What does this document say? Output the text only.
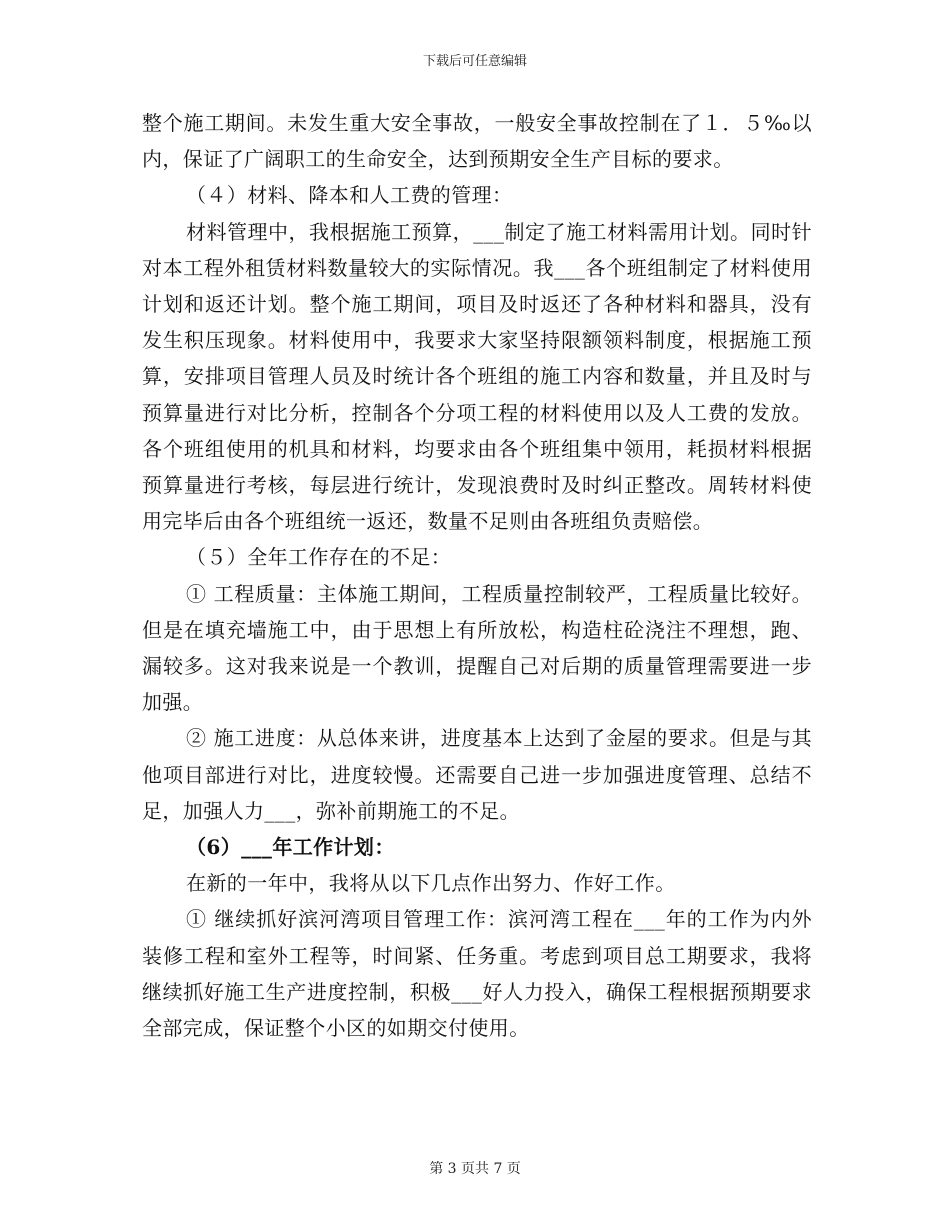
下载后可任意编辑

整个施工期间。未发生重大安全事故，一般安全事故控制在了１．５‰以内，保证了广阔职工的生命安全，达到预期安全生产目标的要求。

（４）材料、降本和人工费的管理：

材料管理中，我根据施工预算，___制定了施工材料需用计划。同时针对本工程外租赁材料数量较大的实际情况。我___各个班组制定了材料使用计划和返还计划。整个施工期间，项目及时返还了各种材料和器具，没有发生积压现象。材料使用中，我要求大家坚持限额领料制度，根据施工预算，安排项目管理人员及时统计各个班组的施工内容和数量，并且及时与预算量进行对比分析，控制各个分项工程的材料使用以及人工费的发放。各个班组使用的机具和材料，均要求由各个班组集中领用，耗损材料根据预算量进行考核，每层进行统计，发现浪费时及时纠正整改。周转材料使用完毕后由各个班组统一返还，数量不足则由各班组负责赔偿。

（５）全年工作存在的不足：

① 工程质量：主体施工期间，工程质量控制较严，工程质量比较好。但是在填充墙施工中，由于思想上有所放松，构造柱砼浇注不理想，跑、漏较多。这对我来说是一个教训，提醒自己对后期的质量管理需要进一步加强。

② 施工进度：从总体来讲，进度基本上达到了金屋的要求。但是与其他项目部进行对比，进度较慢。还需要自己进一步加强进度管理、总结不足，加强人力___，弥补前期施工的不足。

（6）___年工作计划：

在新的一年中，我将从以下几点作出努力、作好工作。

① 继续抓好滨河湾项目管理工作：滨河湾工程在___年的工作为内外装修工程和室外工程等，时间紧、任务重。考虑到项目总工期要求，我将继续抓好施工生产进度控制，积极___好人力投入，确保工程根据预期要求全部完成，保证整个小区的如期交付使用。

第 3 页共 7 页
